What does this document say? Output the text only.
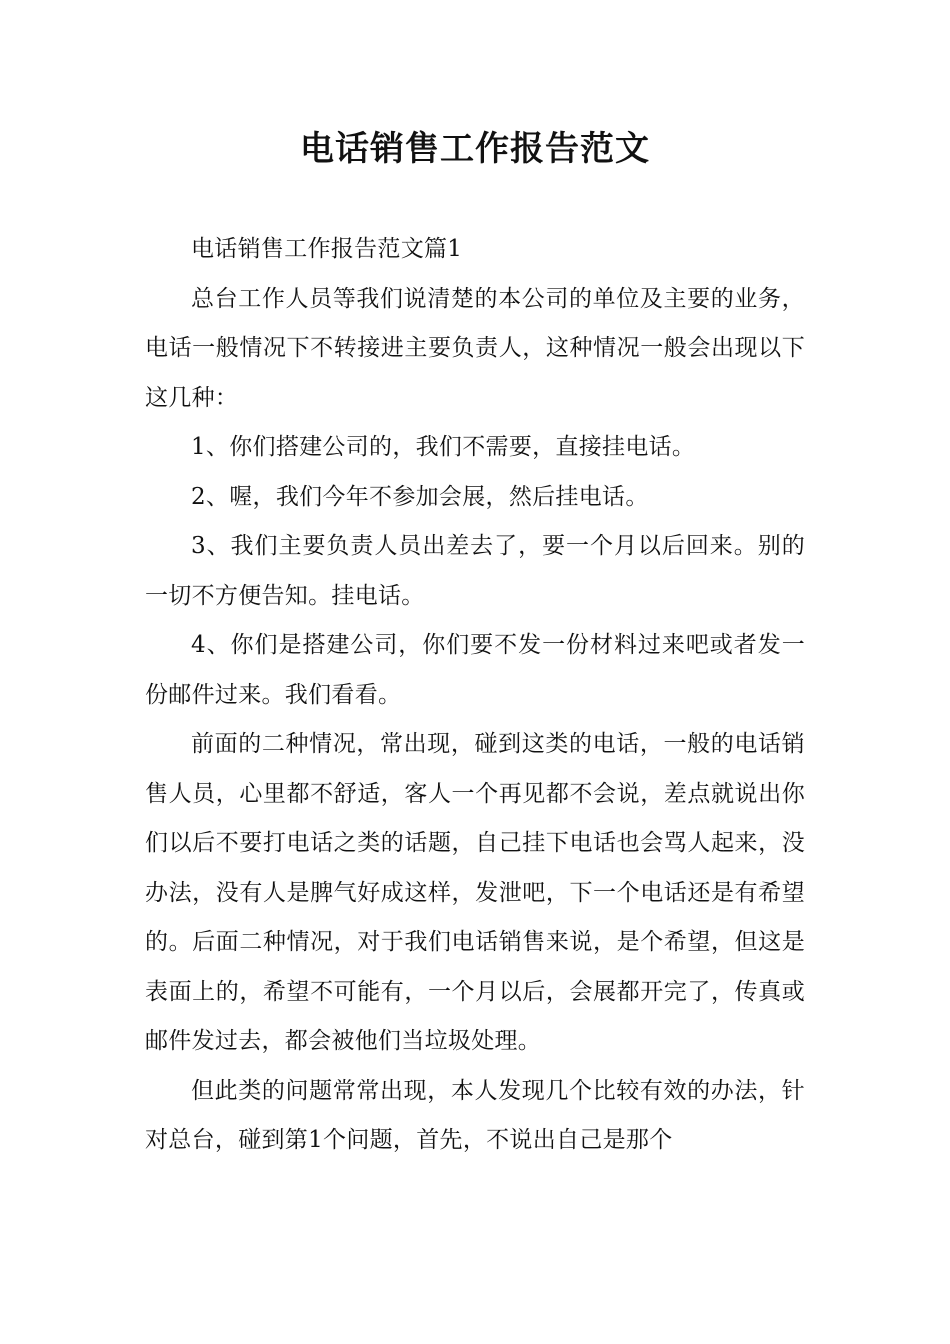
电话销售工作报告范文

电话销售工作报告范文篇1

总台工作人员等我们说清楚的本公司的单位及主要的业务，电话一般情况下不转接进主要负责人，这种情况一般会出现以下这几种：

1、你们搭建公司的，我们不需要，直接挂电话。

2、喔，我们今年不参加会展，然后挂电话。

3、我们主要负责人员出差去了，要一个月以后回来。别的一切不方便告知。挂电话。

4、你们是搭建公司，你们要不发一份材料过来吧或者发一份邮件过来。我们看看。

前面的二种情况，常出现，碰到这类的电话，一般的电话销售人员，心里都不舒适，客人一个再见都不会说，差点就说出你们以后不要打电话之类的话题，自己挂下电话也会骂人起来，没办法，没有人是脾气好成这样，发泄吧，下一个电话还是有希望的。后面二种情况，对于我们电话销售来说，是个希望，但这是表面上的，希望不可能有，一个月以后，会展都开完了，传真或邮件发过去，都会被他们当垃圾处理。

但此类的问题常常出现，本人发现几个比较有效的办法，针对总台，碰到第1个问题，首先，不说出自己是那个
